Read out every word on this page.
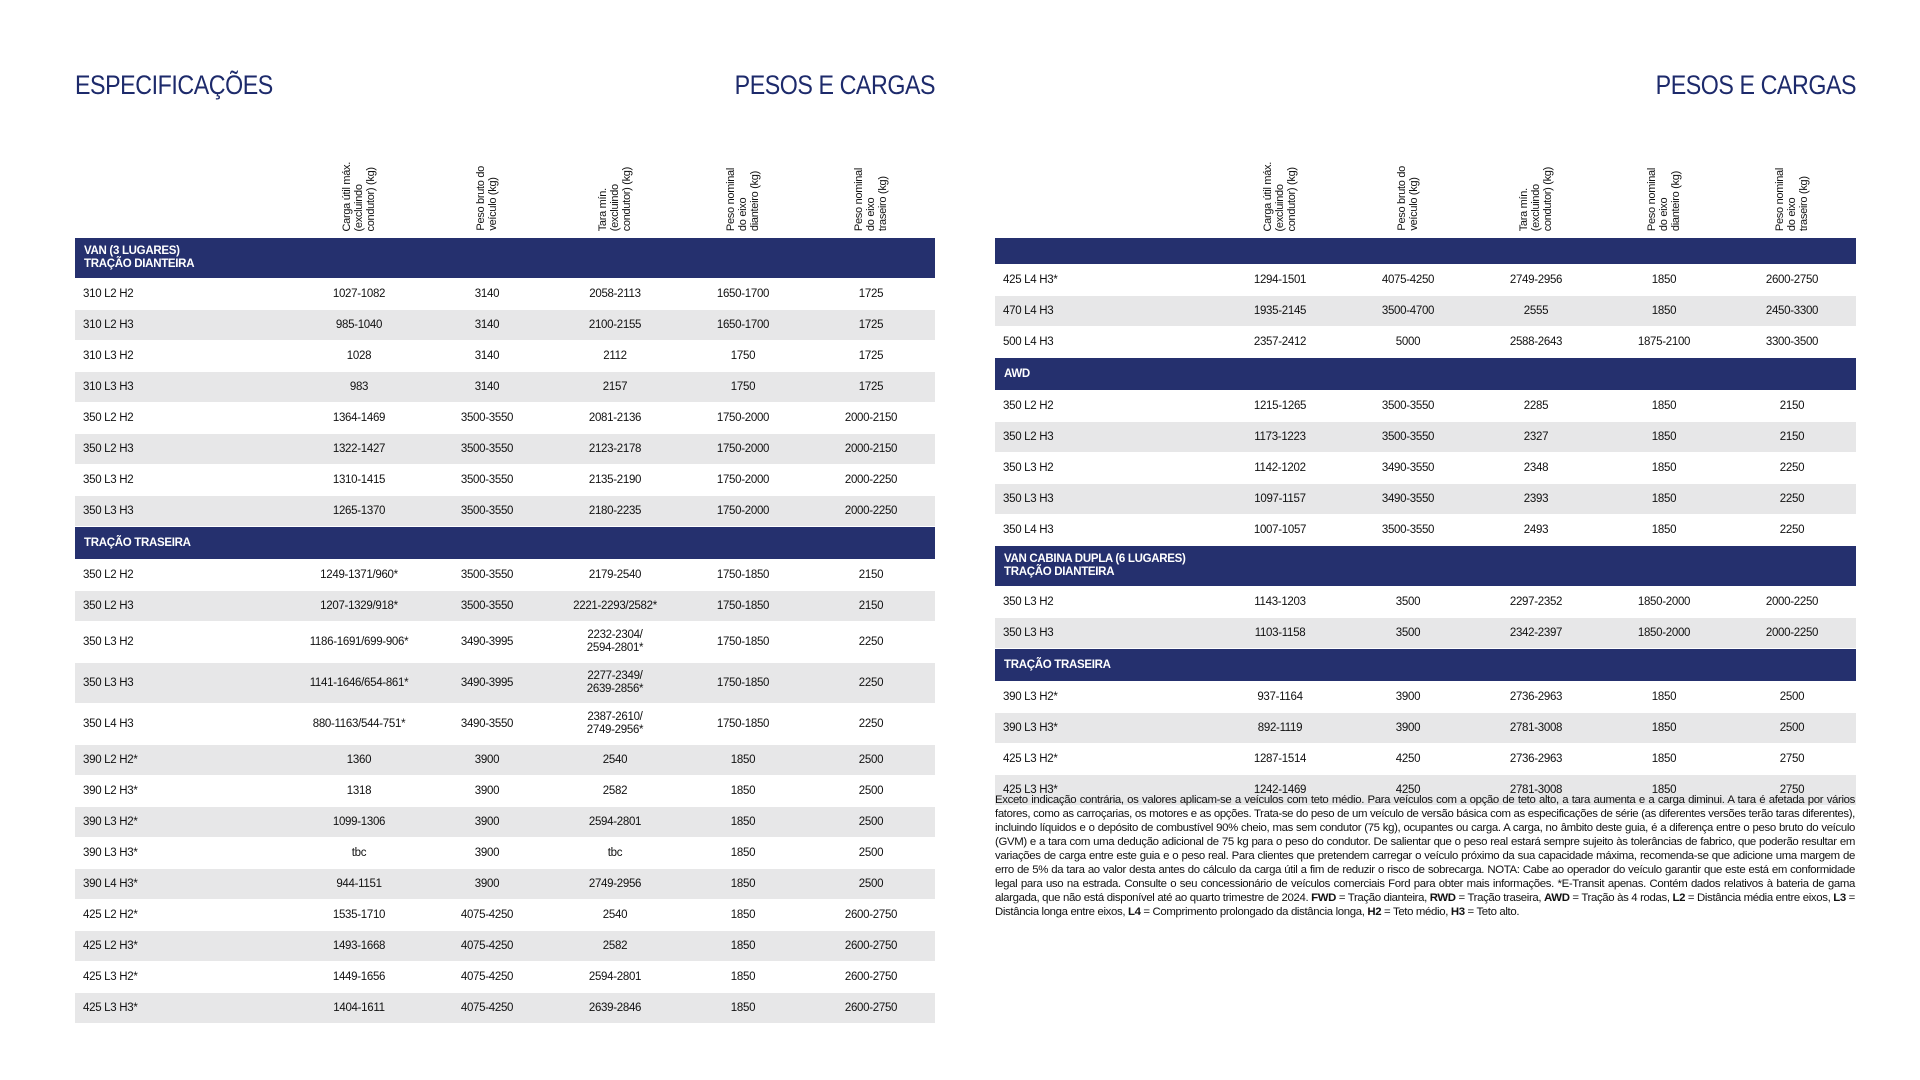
ESPECIFICAÇÕES	PESOS E CARGAS	PESOS E CARGAS
	Carga útil máx.
(excluindo
condutor) (kg)	Peso bruto do
veículo (kg)	Tara mín.
(excluindo
condutor) (kg)	Peso nominal
do eixo
dianteiro (kg)	Peso nominal
do eixo
traseiro (kg)
VAN (3 LUGARES)
TRAÇÃO DIANTEIRA					
310 L2 H2	1027-1082	3140	2058-2113	1650-1700	1725
310 L2 H3	985-1040	3140	2100-2155	1650-1700	1725
310 L3 H2	1028	3140	2112	1750	1725
310 L3 H3	983	3140	2157	1750	1725
350 L2 H2	1364-1469	3500-3550	2081-2136	1750-2000	2000-2150
350 L2 H3	1322-1427	3500-3550	2123-2178	1750-2000	2000-2150
350 L3 H2	1310-1415	3500-3550	2135-2190	1750-2000	2000-2250
350 L3 H3	1265-1370	3500-3550	2180-2235	1750-2000	2000-2250
TRAÇÃO TRASEIRA					
350 L2 H2	1249-1371/960*	3500-3550	2179-2540	1750-1850	2150
350 L2 H3	1207-1329/918*	3500-3550	2221-2293/2582*	1750-1850	2150
350 L3 H2	1186-1691/699-906*	3490-3995	2232-2304/
2594-2801*	1750-1850	2250
350 L3 H3	1141-1646/654-861*	3490-3995	2277-2349/
2639-2856*	1750-1850	2250
350 L4 H3	880-1163/544-751*	3490-3550	2387-2610/
2749-2956*	1750-1850	2250
390 L2 H2*	1360	3900	2540	1850	2500
390 L2 H3*	1318	3900	2582	1850	2500
390 L3 H2*	1099-1306	3900	2594-2801	1850	2500
390 L3 H3*	tbc	3900	tbc	1850	2500
390 L4 H3*	944-1151	3900	2749-2956	1850	2500
425 L2 H2*	1535-1710	4075-4250	2540	1850	2600-2750
425 L2 H3*	1493-1668	4075-4250	2582	1850	2600-2750
425 L3 H2*	1449-1656	4075-4250	2594-2801	1850	2600-2750
425 L3 H3*	1404-1611	4075-4250	2639-2846	1850	2600-2750
	Carga útil máx.
(excluindo
condutor) (kg)	Peso bruto do
veículo (kg)	Tara mín.
(excluindo
condutor) (kg)	Peso nominal
do eixo
dianteiro (kg)	Peso nominal
do eixo
traseiro (kg)

425 L4 H3*	1294-1501	4075-4250	2749-2956	1850	2600-2750
470 L4 H3	1935-2145	3500-4700	2555	1850	2450-3300
500 L4 H3	2357-2412	5000	2588-2643	1875-2100	3300-3500
AWD					
350 L2 H2	1215-1265	3500-3550	2285	1850	2150
350 L2 H3	1173-1223	3500-3550	2327	1850	2150
350 L3 H2	1142-1202	3490-3550	2348	1850	2250
350 L3 H3	1097-1157	3490-3550	2393	1850	2250
350 L4 H3	1007-1057	3500-3550	2493	1850	2250
VAN CABINA DUPLA (6 LUGARES)
TRAÇÃO DIANTEIRA					
350 L3 H2	1143-1203	3500	2297-2352	1850-2000	2000-2250
350 L3 H3	1103-1158	3500	2342-2397	1850-2000	2000-2250
TRAÇÃO TRASEIRA					
390 L3 H2*	937-1164	3900	2736-2963	1850	2500
390 L3 H3*	892-1119	3900	2781-3008	1850	2500
425 L3 H2*	1287-1514	4250	2736-2963	1850	2750
425 L3 H3*	1242-1469	4250	2781-3008	1850	2750

Exceto indicação contrária, os valores aplicam-se a veículos com teto médio. Para veículos com a opção de teto alto, a tara aumenta e a carga diminui. A tara é afetada por vários fatores, como as carroçarias, os motores e as opções. Trata-se do peso de um veículo de versão básica com as especificações de série (as diferentes versões terão taras diferentes), incluindo líquidos e o depósito de combustível 90% cheio, mas sem condutor (75 kg), ocupantes ou carga. A carga, no âmbito deste guia, é a diferença entre o peso bruto do veículo (GVM) e a tara com uma dedução adicional de 75 kg para o peso do condutor. De salientar que o peso real estará sempre sujeito às tolerâncias de fabrico, que poderão resultar em variações de carga entre este guia e o peso real. Para clientes que pretendem carregar o veículo próximo da sua capacidade máxima, recomenda-se que adicione uma margem de erro de 5% da tara ao valor desta antes do cálculo da carga útil a fim de reduzir o risco de sobrecarga. NOTA: Cabe ao operador do veículo garantir que este está em conformidade legal para uso na estrada. Consulte o seu concessionário de veículos comerciais Ford para obter mais informações. *E-Transit apenas. Contém dados relativos à bateria de gama alargada, que não está disponível até ao quarto trimestre de 2024. FWD = Tração dianteira, RWD = Tração traseira, AWD = Tração às 4 rodas, L2 = Distância média entre eixos, L3 = Distância longa entre eixos, L4 = Comprimento prolongado da distância longa, H2 = Teto médio, H3 = Teto alto.
